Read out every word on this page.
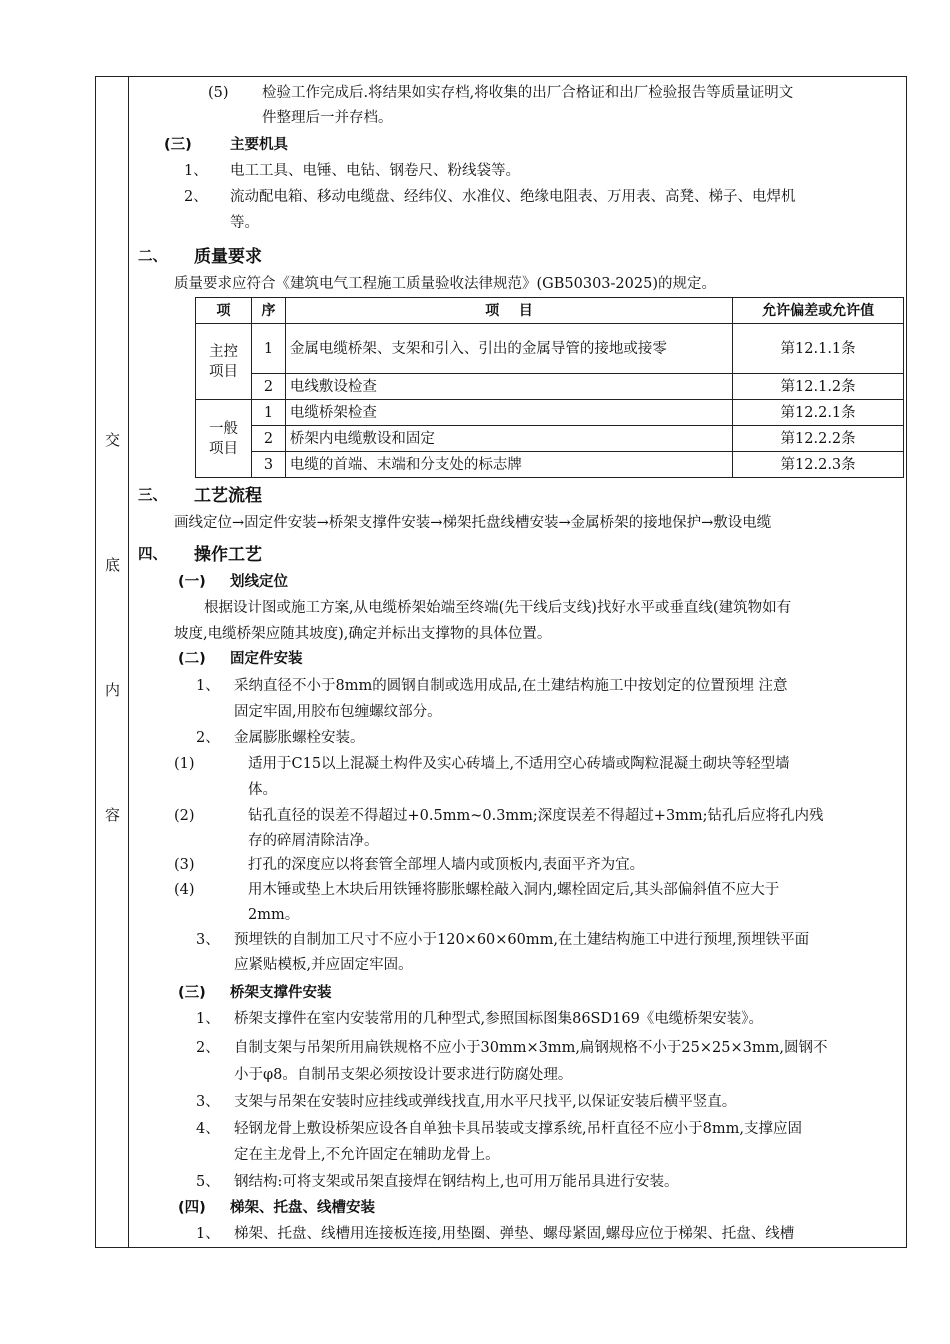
交
底
内
容
(5) 检验工作完成后.将结果如实存档,将收集的出厂合格证和出厂检验报告等质量证明文
件整理后一并存档。
(三)	主要机具
1、 电工工具、电锤、电钻、钢卷尺、粉线袋等。
2、 流动配电箱、移动电缆盘、经纬仪、水准仪、绝缘电阻表、万用表、高凳、梯子、电焊机
等。
二、 质量要求
质量要求应符合《建筑电气工程施工质量验收法律规范》(GB50303-2025)的规定。
项	序	项    目	允许偏差或允许值
主控项目	1	金属电缆桥架、支架和引入、引出的金属导管的接地或接零	第12.1.1条
	2	电线敷设检查	第12.1.2条
一般项目	1	电缆桥架检查	第12.2.1条
	2	桥架内电缆敷设和固定	第12.2.2条
	3	电缆的首端、末端和分支处的标志牌	第12.2.3条
三、 工艺流程
画线定位→固定件安装→桥架支撑件安装→梯架托盘线槽安装→金属桥架的接地保护→敷设电缆
四、 操作工艺
(一) 划线定位
根据设计图或施工方案,从电缆桥架始端至终端(先干线后支线)找好水平或垂直线(建筑物如有
坡度,电缆桥架应随其坡度),确定并标出支撑物的具体位置。
(二) 固定件安装
1、 采纳直径不小于8mm的圆钢自制或选用成品,在土建结构施工中按划定的位置预埋 注意
固定牢固,用胶布包缠螺纹部分。
2、 金属膨胀螺栓安装。
(1)	适用于C15以上混凝土构件及实心砖墙上,不适用空心砖墙或陶粒混凝土砌块等轻型墙
体。
(2)	钻孔直径的误差不得超过+0.5mm~0.3mm;深度误差不得超过+3mm;钻孔后应将孔内残
存的碎屑清除洁净。
(3)	打孔的深度应以将套管全部埋人墙内或顶板内,表面平齐为宜。
(4)	用木锤或垫上木块后用铁锤将膨胀螺栓敲入洞内,螺栓固定后,其头部偏斜值不应大于
2mm。
3、 预埋铁的自制加工尺寸不应小于120×60×60mm,在土建结构施工中进行预埋,预埋铁平面
应紧贴模板,并应固定牢固。
(三) 桥架支撑件安装
1、 桥架支撑件在室内安装常用的几种型式,参照国标图集86SD169《电缆桥架安装》。
2、 自制支架与吊架所用扁铁规格不应小于30mm×3mm,扁钢规格不小于25×25×3mm,圆钢不
小于φ8。自制吊支架必须按设计要求进行防腐处理。
3、 支架与吊架在安装时应挂线或弹线找直,用水平尺找平,以保证安装后横平竖直。
4、 轻钢龙骨上敷设桥架应设各自单独卡具吊装或支撑系统,吊杆直径不应小于8mm,支撑应固
定在主龙骨上,不允许固定在辅助龙骨上。
5、 钢结构:可将支架或吊架直接焊在钢结构上,也可用万能吊具进行安装。
(四) 梯架、托盘、线槽安装
1、 梯架、托盘、线槽用连接板连接,用垫圈、弹垫、螺母紧固,螺母应位于梯架、托盘、线槽
